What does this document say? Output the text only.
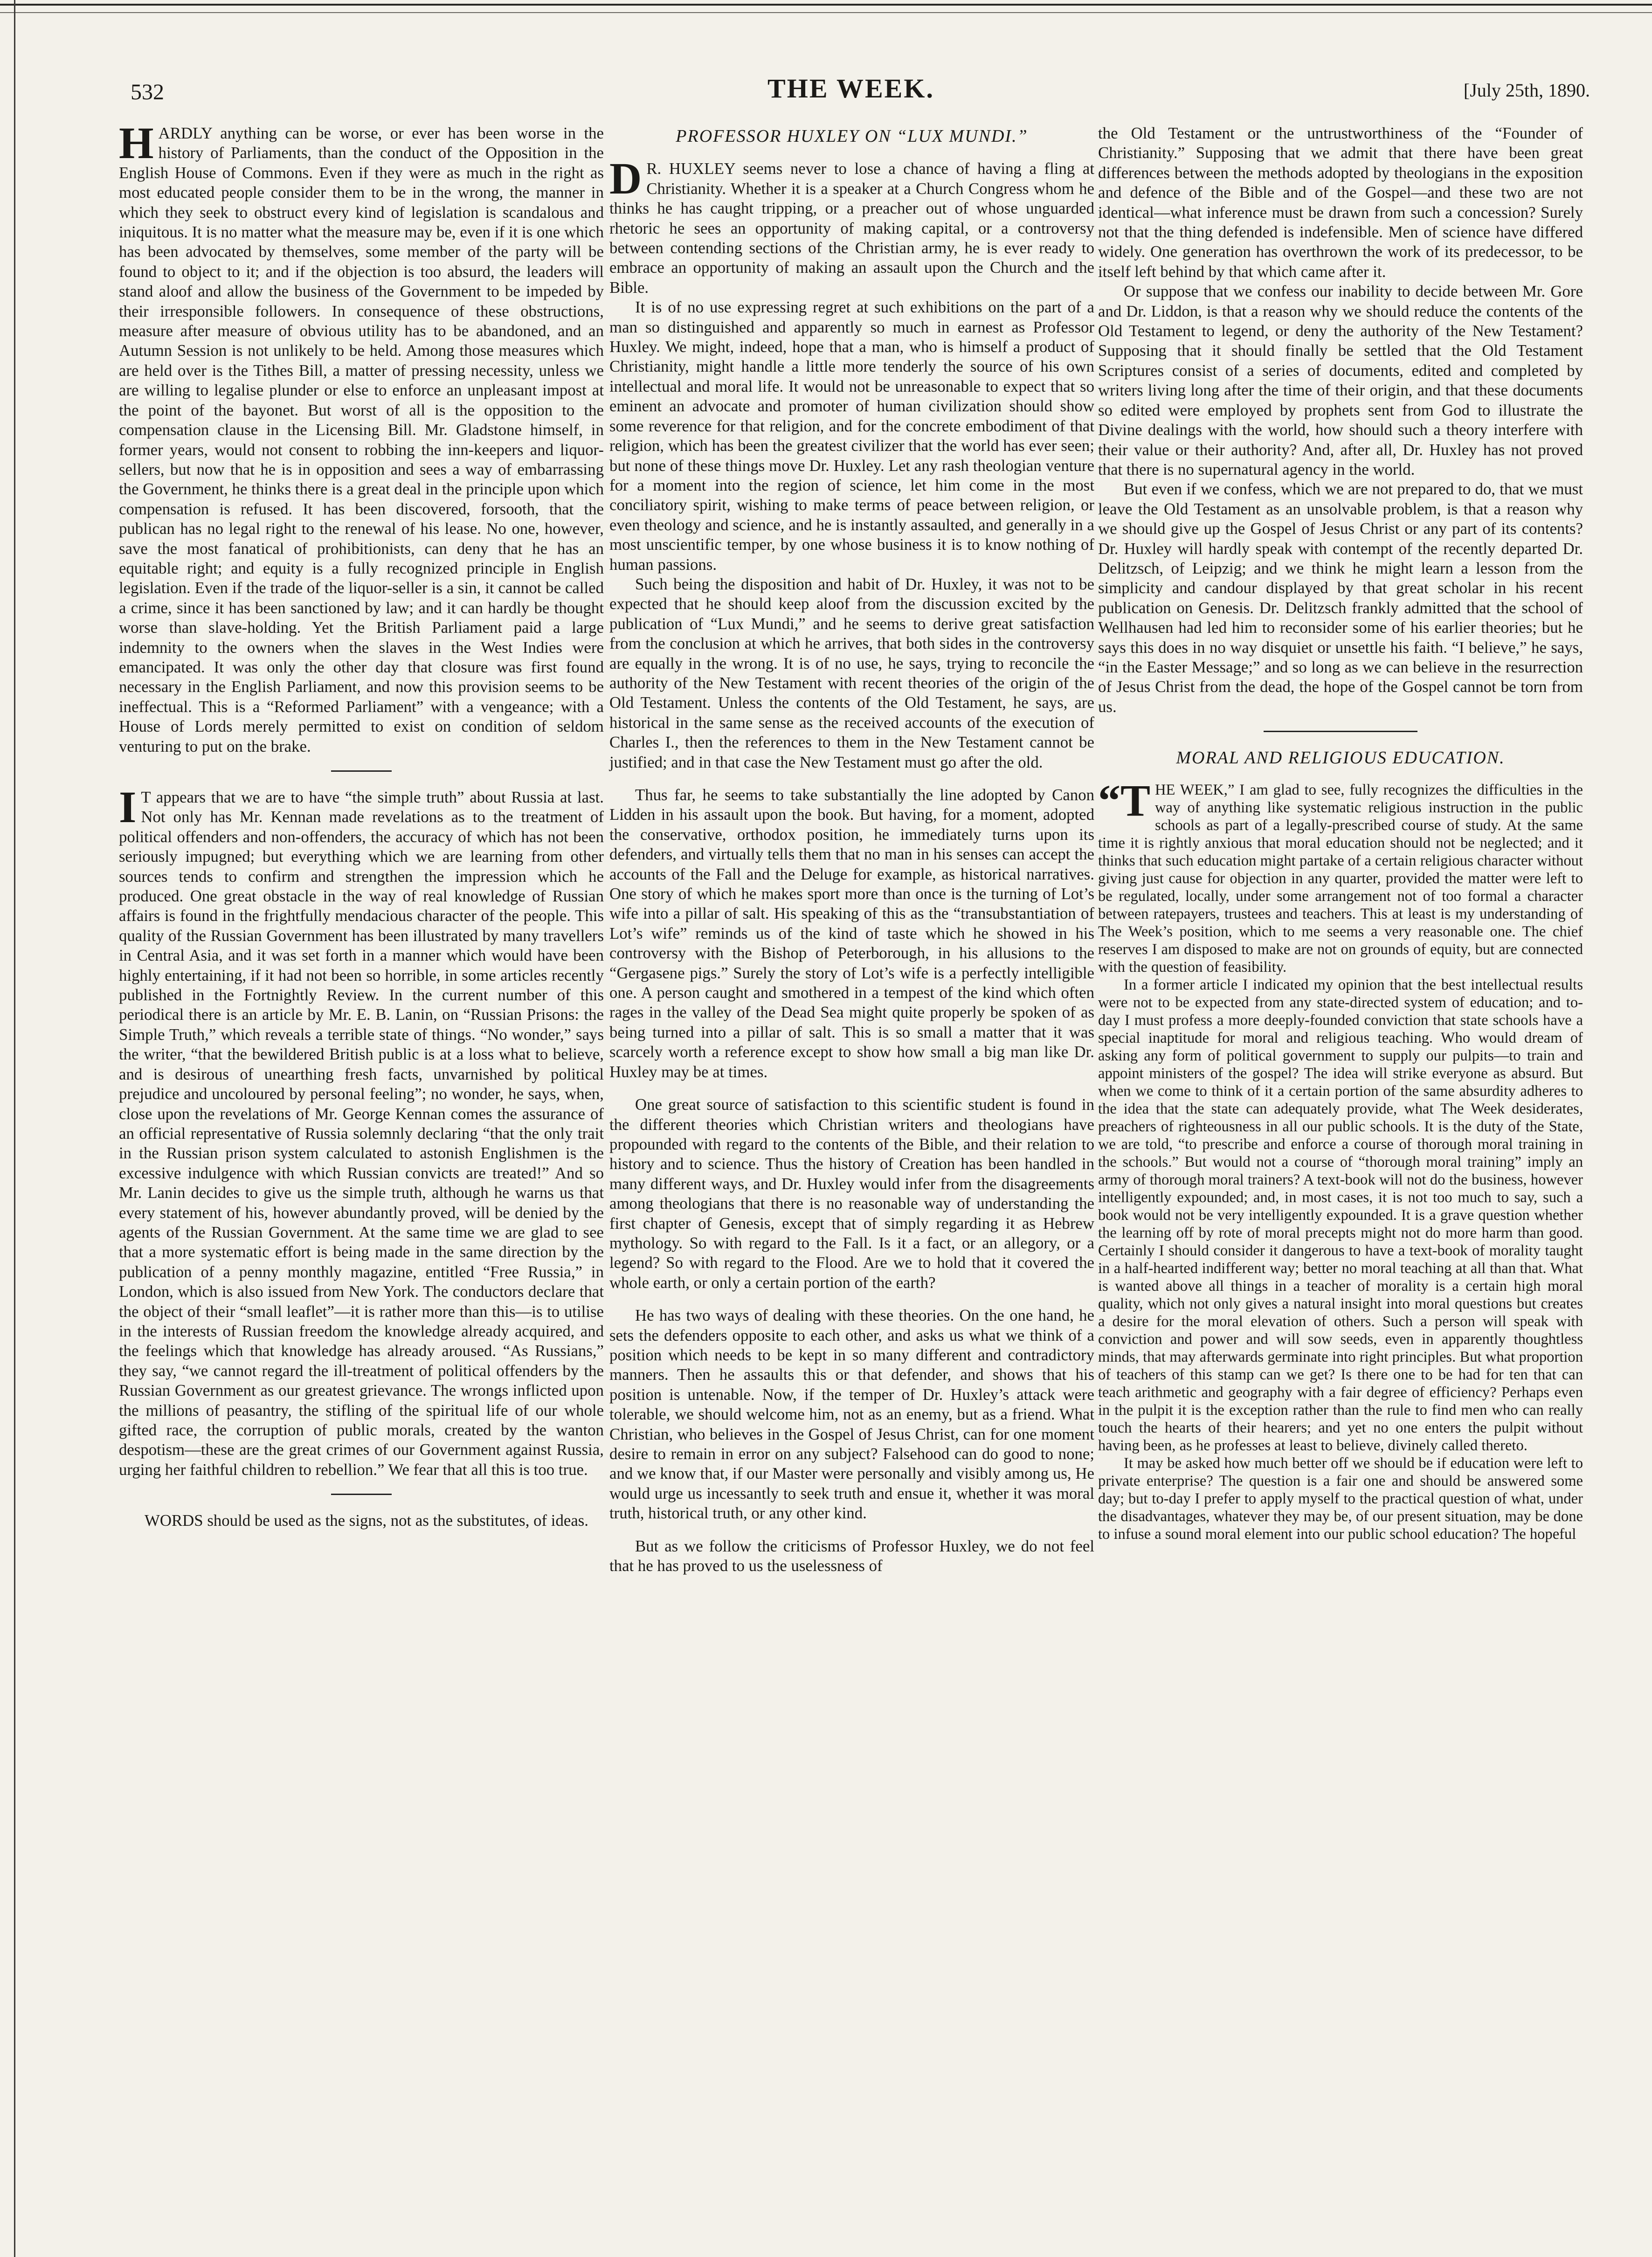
532	THE WEEK.	[July 25th, 1890.

HARDLY anything can be worse, or ever has been worse in the history of Parliaments, than the conduct of the Opposition in the English House of Commons. Even if they were as much in the right as most educated people consider them to be in the wrong, the manner in which they seek to obstruct every kind of legislation is scandalous and iniquitous. It is no matter what the measure may be, even if it is one which has been advocated by themselves, some member of the party will be found to object to it; and if the objection is too absurd, the leaders will stand aloof and allow the business of the Government to be impeded by their irresponsible followers. In consequence of these obstructions, measure after measure of obvious utility has to be abandoned, and an Autumn Session is not unlikely to be held. Among those measures which are held over is the Tithes Bill, a matter of pressing necessity, unless we are willing to legalise plunder or else to enforce an unpleasant impost at the point of the bayonet. But worst of all is the opposition to the compensation clause in the Licensing Bill. Mr. Gladstone himself, in former years, would not consent to robbing the inn-keepers and liquor-sellers, but now that he is in opposition and sees a way of embarrassing the Government, he thinks there is a great deal in the principle upon which compensation is refused. It has been discovered, forsooth, that the publican has no legal right to the renewal of his lease. No one, however, save the most fanatical of prohibitionists, can deny that he has an equitable right; and equity is a fully recognized principle in English legislation. Even if the trade of the liquor-seller is a sin, it cannot be called a crime, since it has been sanctioned by law; and it can hardly be thought worse than slave-holding. Yet the British Parliament paid a large indemnity to the owners when the slaves in the West Indies were emancipated. It was only the other day that closure was first found necessary in the English Parliament, and now this provision seems to be ineffectual. This is a “Reformed Parliament” with a vengeance; with a House of Lords merely permitted to exist on condition of seldom venturing to put on the brake.

IT appears that we are to have “the simple truth” about Russia at last. Not only has Mr. Kennan made revelations as to the treatment of political offenders and non-offenders, the accuracy of which has not been seriously impugned; but everything which we are learning from other sources tends to confirm and strengthen the impression which he produced. One great obstacle in the way of real knowledge of Russian affairs is found in the frightfully mendacious character of the people. This quality of the Russian Government has been illustrated by many travellers in Central Asia, and it was set forth in a manner which would have been highly entertaining, if it had not been so horrible, in some articles recently published in the Fortnightly Review. In the current number of this periodical there is an article by Mr. E. B. Lanin, on “Russian Prisons: the Simple Truth,” which reveals a terrible state of things. “No wonder,” says the writer, “that the bewildered British public is at a loss what to believe, and is desirous of unearthing fresh facts, unvarnished by political prejudice and uncoloured by personal feeling”; no wonder, he says, when, close upon the revelations of Mr. George Kennan comes the assurance of an official representative of Russia solemnly declaring “that the only trait in the Russian prison system calculated to astonish Englishmen is the excessive indulgence with which Russian convicts are treated!” And so Mr. Lanin decides to give us the simple truth, although he warns us that every statement of his, however abundantly proved, will be denied by the agents of the Russian Government. At the same time we are glad to see that a more systematic effort is being made in the same direction by the publication of a penny monthly magazine, entitled “Free Russia,” in London, which is also issued from New York. The conductors declare that the object of their “small leaflet”—it is rather more than this—is to utilise in the interests of Russian freedom the knowledge already acquired, and the feelings which that knowledge has already aroused. “As Russians,” they say, “we cannot regard the ill-treatment of political offenders by the Russian Government as our greatest grievance. The wrongs inflicted upon the millions of peasantry, the stifling of the spiritual life of our whole gifted race, the corruption of public morals, created by the wanton despotism—these are the great crimes of our Government against Russia, urging her faithful children to rebellion.” We fear that all this is too true.

WORDS should be used as the signs, not as the substitutes, of ideas.

PROFESSOR HUXLEY ON “LUX MUNDI.”

DR. HUXLEY seems never to lose a chance of having a fling at Christianity. Whether it is a speaker at a Church Congress whom he thinks he has caught tripping, or a preacher out of whose unguarded rhetoric he sees an opportunity of making capital, or a controversy between contending sections of the Christian army, he is ever ready to embrace an opportunity of making an assault upon the Church and the Bible.

It is of no use expressing regret at such exhibitions on the part of a man so distinguished and apparently so much in earnest as Professor Huxley. We might, indeed, hope that a man, who is himself a product of Christianity, might handle a little more tenderly the source of his own intellectual and moral life. It would not be unreasonable to expect that so eminent an advocate and promoter of human civilization should show some reverence for that religion, and for the concrete embodiment of that religion, which has been the greatest civilizer that the world has ever seen; but none of these things move Dr. Huxley. Let any rash theologian venture for a moment into the region of science, let him come in the most conciliatory spirit, wishing to make terms of peace between religion, or even theology and science, and he is instantly assaulted, and generally in a most unscientific temper, by one whose business it is to know nothing of human passions.

Such being the disposition and habit of Dr. Huxley, it was not to be expected that he should keep aloof from the discussion excited by the publication of “Lux Mundi,” and he seems to derive great satisfaction from the conclusion at which he arrives, that both sides in the controversy are equally in the wrong. It is of no use, he says, trying to reconcile the authority of the New Testament with recent theories of the origin of the Old Testament. Unless the contents of the Old Testament, he says, are historical in the same sense as the received accounts of the execution of Charles I., then the references to them in the New Testament cannot be justified; and in that case the New Testament must go after the old.

Thus far, he seems to take substantially the line adopted by Canon Lidden in his assault upon the book. But having, for a moment, adopted the conservative, orthodox position, he immediately turns upon its defenders, and virtually tells them that no man in his senses can accept the accounts of the Fall and the Deluge for example, as historical narratives. One story of which he makes sport more than once is the turning of Lot’s wife into a pillar of salt. His speaking of this as the “transubstantiation of Lot’s wife” reminds us of the kind of taste which he showed in his controversy with the Bishop of Peterborough, in his allusions to the “Gergasene pigs.” Surely the story of Lot’s wife is a perfectly intelligible one. A person caught and smothered in a tempest of the kind which often rages in the valley of the Dead Sea might quite properly be spoken of as being turned into a pillar of salt. This is so small a matter that it was scarcely worth a reference except to show how small a big man like Dr. Huxley may be at times.

One great source of satisfaction to this scientific student is found in the different theories which Christian writers and theologians have propounded with regard to the contents of the Bible, and their relation to history and to science. Thus the history of Creation has been handled in many different ways, and Dr. Huxley would infer from the disagreements among theologians that there is no reasonable way of understanding the first chapter of Genesis, except that of simply regarding it as Hebrew mythology. So with regard to the Fall. Is it a fact, or an allegory, or a legend? So with regard to the Flood. Are we to hold that it covered the whole earth, or only a certain portion of the earth?

He has two ways of dealing with these theories. On the one hand, he sets the defenders opposite to each other, and asks us what we think of a position which needs to be kept in so many different and contradictory manners. Then he assaults this or that defender, and shows that his position is untenable. Now, if the temper of Dr. Huxley’s attack were tolerable, we should welcome him, not as an enemy, but as a friend. What Christian, who believes in the Gospel of Jesus Christ, can for one moment desire to remain in error on any subject? Falsehood can do good to none; and we know that, if our Master were personally and visibly among us, He would urge us incessantly to seek truth and ensue it, whether it was moral truth, historical truth, or any other kind.

But as we follow the criticisms of Professor Huxley, we do not feel that he has proved to us the uselessness of

the Old Testament or the untrustworthiness of the “Founder of Christianity.” Supposing that we admit that there have been great differences between the methods adopted by theologians in the exposition and defence of the Bible and of the Gospel—and these two are not identical—what inference must be drawn from such a concession? Surely not that the thing defended is indefensible. Men of science have differed widely. One generation has overthrown the work of its predecessor, to be itself left behind by that which came after it.

Or suppose that we confess our inability to decide between Mr. Gore and Dr. Liddon, is that a reason why we should reduce the contents of the Old Testament to legend, or deny the authority of the New Testament? Supposing that it should finally be settled that the Old Testament Scriptures consist of a series of documents, edited and completed by writers living long after the time of their origin, and that these documents so edited were employed by prophets sent from God to illustrate the Divine dealings with the world, how should such a theory interfere with their value or their authority? And, after all, Dr. Huxley has not proved that there is no supernatural agency in the world.

But even if we confess, which we are not prepared to do, that we must leave the Old Testament as an unsolvable problem, is that a reason why we should give up the Gospel of Jesus Christ or any part of its contents? Dr. Huxley will hardly speak with contempt of the recently departed Dr. Delitzsch, of Leipzig; and we think he might learn a lesson from the simplicity and candour displayed by that great scholar in his recent publication on Genesis. Dr. Delitzsch frankly admitted that the school of Wellhausen had led him to reconsider some of his earlier theories; but he says this does in no way disquiet or unsettle his faith. “I believe,” he says, “in the Easter Message;” and so long as we can believe in the resurrection of Jesus Christ from the dead, the hope of the Gospel cannot be torn from us.

MORAL AND RELIGIOUS EDUCATION.

“THE WEEK,” I am glad to see, fully recognizes the difficulties in the way of anything like systematic religious instruction in the public schools as part of a legally-prescribed course of study. At the same time it is rightly anxious that moral education should not be neglected; and it thinks that such education might partake of a certain religious character without giving just cause for objection in any quarter, provided the matter were left to be regulated, locally, under some arrangement not of too formal a character between ratepayers, trustees and teachers. This at least is my understanding of The Week’s position, which to me seems a very reasonable one. The chief reserves I am disposed to make are not on grounds of equity, but are connected with the question of feasibility.

In a former article I indicated my opinion that the best intellectual results were not to be expected from any state-directed system of education; and to-day I must profess a more deeply-founded conviction that state schools have a special inaptitude for moral and religious teaching. Who would dream of asking any form of political government to supply our pulpits—to train and appoint ministers of the gospel? The idea will strike everyone as absurd. But when we come to think of it a certain portion of the same absurdity adheres to the idea that the state can adequately provide, what The Week desiderates, preachers of righteousness in all our public schools. It is the duty of the State, we are told, “to prescribe and enforce a course of thorough moral training in the schools.” But would not a course of “thorough moral training” imply an army of thorough moral trainers? A text-book will not do the business, however intelligently expounded; and, in most cases, it is not too much to say, such a book would not be very intelligently expounded. It is a grave question whether the learning off by rote of moral precepts might not do more harm than good. Certainly I should consider it dangerous to have a text-book of morality taught in a half-hearted indifferent way; better no moral teaching at all than that. What is wanted above all things in a teacher of morality is a certain high moral quality, which not only gives a natural insight into moral questions but creates a desire for the moral elevation of others. Such a person will speak with conviction and power and will sow seeds, even in apparently thoughtless minds, that may afterwards germinate into right principles. But what proportion of teachers of this stamp can we get? Is there one to be had for ten that can teach arithmetic and geography with a fair degree of efficiency? Perhaps even in the pulpit it is the exception rather than the rule to find men who can really touch the hearts of their hearers; and yet no one enters the pulpit without having been, as he professes at least to believe, divinely called thereto.

It may be asked how much better off we should be if education were left to private enterprise? The question is a fair one and should be answered some day; but to-day I prefer to apply myself to the practical question of what, under the disadvantages, whatever they may be, of our present situation, may be done to infuse a sound moral element into our public school education? The hopeful
